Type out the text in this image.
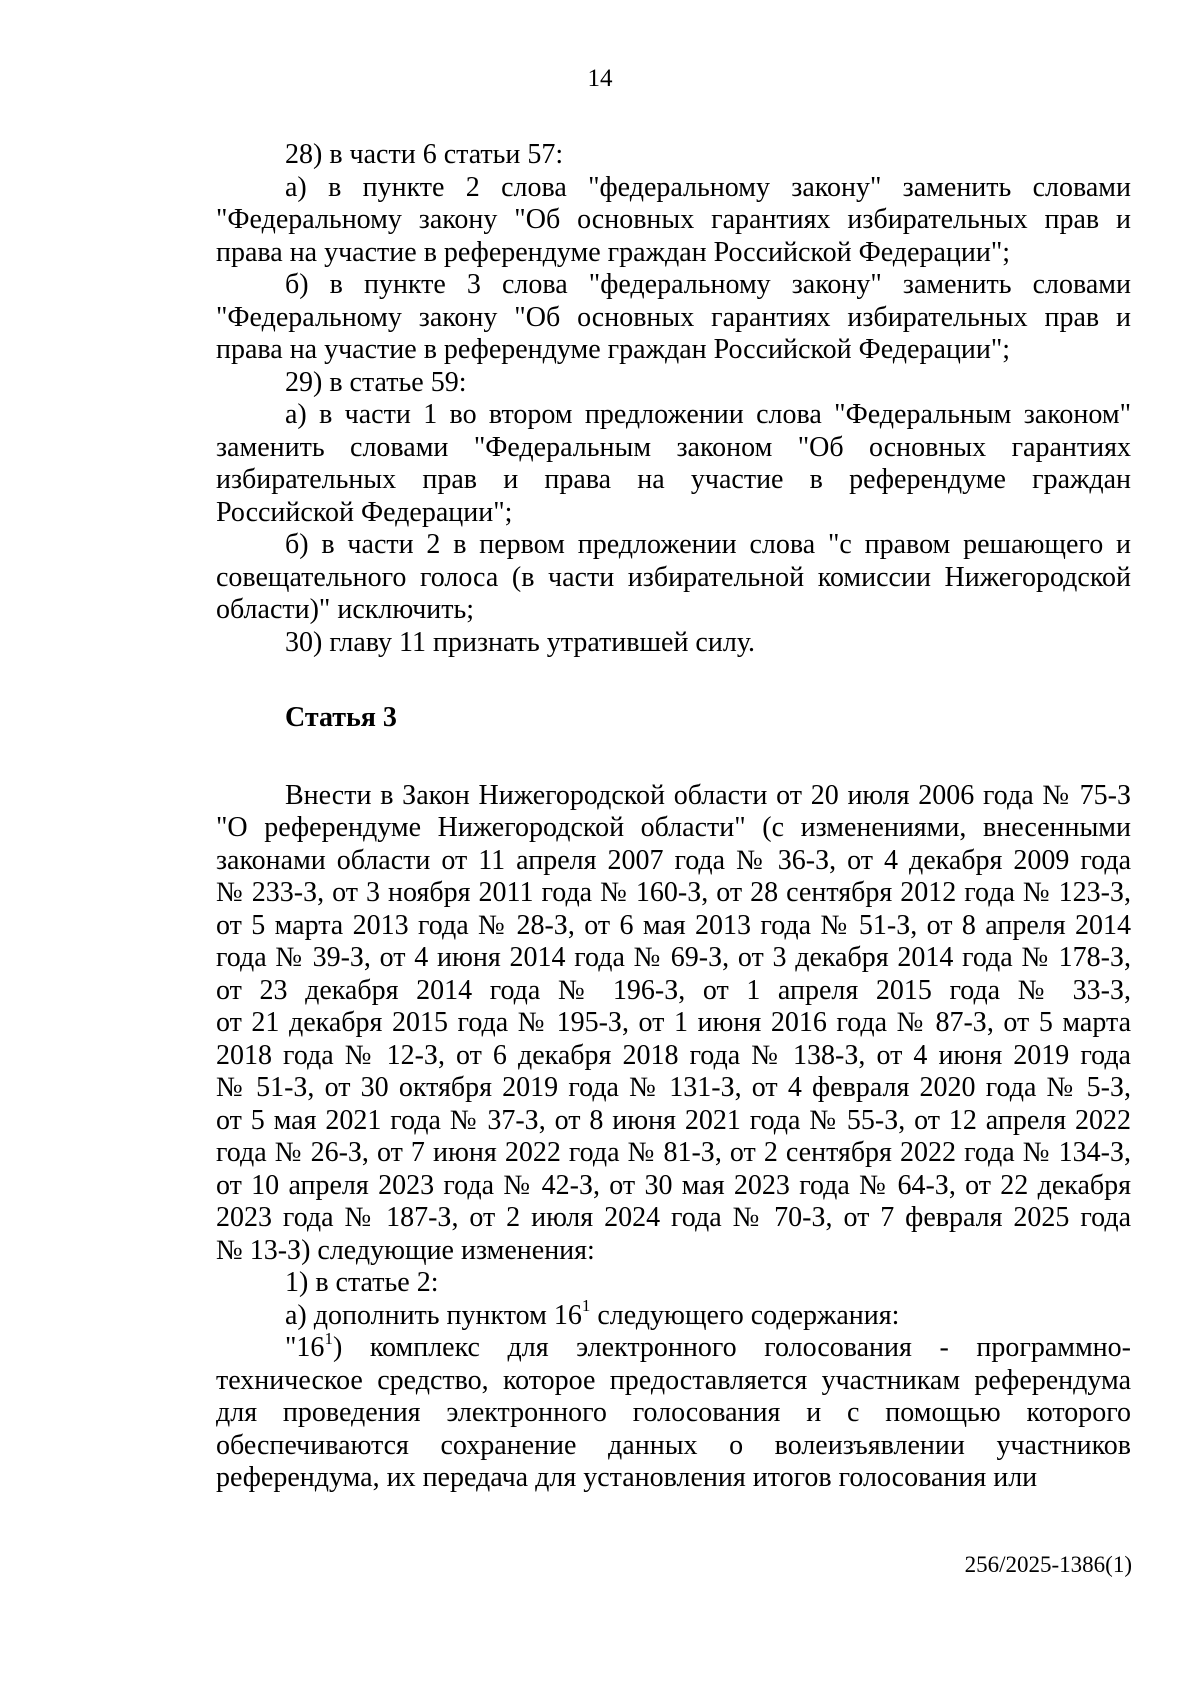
14

28) в части 6 статьи 57:

а) в пункте 2 слова "федеральному закону" заменить словами
"Федеральному закону "Об основных гарантиях избирательных прав и
права на участие в референдуме граждан Российской Федерации";

б) в пункте 3 слова "федеральному закону" заменить словами
"Федеральному закону "Об основных гарантиях избирательных прав и
права на участие в референдуме граждан Российской Федерации";

29) в статье 59:

а) в части 1 во втором предложении слова "Федеральным законом"
заменить словами "Федеральным законом "Об основных гарантиях
избирательных прав и права на участие в референдуме граждан
Российской Федерации";

б) в части 2 в первом предложении слова "с правом решающего и
совещательного голоса (в части избирательной комиссии Нижегородской
области)" исключить;

30) главу 11 признать утратившей силу.

Статья 3

Внести в Закон Нижегородской области от 20 июля 2006 года № 75-З
"О референдуме Нижегородской области" (с изменениями, внесенными
законами области от 11 апреля 2007 года № 36-З, от 4 декабря 2009 года
№ 233-З, от 3 ноября 2011 года № 160-З, от 28 сентября 2012 года № 123-З,
от 5 марта 2013 года № 28-З, от 6 мая 2013 года № 51-З, от 8 апреля 2014
года № 39-З, от 4 июня 2014 года № 69-З, от 3 декабря 2014 года № 178-З,
от 23 декабря 2014 года № 196-З, от 1 апреля 2015 года № 33-З,
от 21 декабря 2015 года № 195-З, от 1 июня 2016 года № 87-З, от 5 марта
2018 года № 12-З, от 6 декабря 2018 года № 138-З, от 4 июня 2019 года
№ 51-З, от 30 октября 2019 года № 131-З, от 4 февраля 2020 года № 5-З,
от 5 мая 2021 года № 37-З, от 8 июня 2021 года № 55-З, от 12 апреля 2022
года № 26-З, от 7 июня 2022 года № 81-З, от 2 сентября 2022 года № 134-З,
от 10 апреля 2023 года № 42-З, от 30 мая 2023 года № 64-З, от 22 декабря
2023 года № 187-З, от 2 июля 2024 года № 70-З, от 7 февраля 2025 года
№ 13-З) следующие изменения:

1) в статье 2:

а) дополнить пунктом $16^1$ следующего содержания:

"$16^1$) комплекс для электронного голосования - программно-

техническое средство, которое предоставляется участникам референдума
для проведения электронного голосования и с помощью которого
обеспечиваются сохранение данных о волеизъявлении участников
референдума, их передача для установления итогов голосования или

256/2025-1386(1)
